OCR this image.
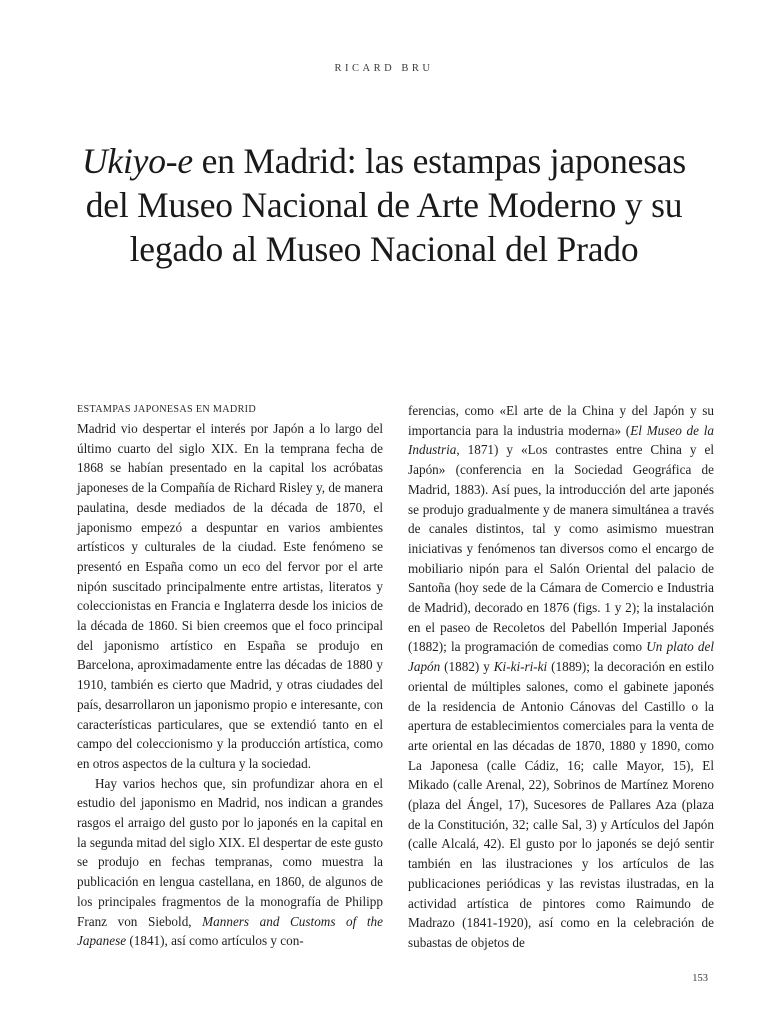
RICARD BRU
Ukiyo-e en Madrid: las estampas japonesas del Museo Nacional de Arte Moderno y su legado al Museo Nacional del Prado
ESTAMPAS JAPONESAS EN MADRID

Madrid vio despertar el interés por Japón a lo largo del último cuarto del siglo XIX. En la temprana fecha de 1868 se habían presentado en la capital los acróbatas japoneses de la Compañía de Richard Risley y, de manera paulatina, desde mediados de la década de 1870, el japonismo empezó a despuntar en varios ambientes artísticos y culturales de la ciudad. Este fenómeno se presentó en España como un eco del fervor por el arte nipón suscitado principalmente entre artistas, literatos y coleccionistas en Francia e Inglaterra desde los inicios de la década de 1860. Si bien creemos que el foco principal del japonismo artístico en España se produjo en Barcelona, aproximadamente entre las décadas de 1880 y 1910, también es cierto que Madrid, y otras ciudades del país, desarrollaron un japonismo propio e interesante, con características particulares, que se extendió tanto en el campo del coleccionismo y la producción artística, como en otros aspectos de la cultura y la sociedad.

Hay varios hechos que, sin profundizar ahora en el estudio del japonismo en Madrid, nos indican a grandes rasgos el arraigo del gusto por lo japonés en la capital en la segunda mitad del siglo XIX. El despertar de este gusto se produjo en fechas tempranas, como muestra la publicación en lengua castellana, en 1860, de algunos de los principales fragmentos de la monografía de Philipp Franz von Siebold, Manners and Customs of the Japanese (1841), así como artículos y con-

ferencias, como «El arte de la China y del Japón y su importancia para la industria moderna» (El Museo de la Industria, 1871) y «Los contrastes entre China y el Japón» (conferencia en la Sociedad Geográfica de Madrid, 1883). Así pues, la introducción del arte japonés se produjo gradualmente y de manera simultánea a través de canales distintos, tal y como asimismo muestran iniciativas y fenómenos tan diversos como el encargo de mobiliario nipón para el Salón Oriental del palacio de Santoña (hoy sede de la Cámara de Comercio e Industria de Madrid), decorado en 1876 (figs. 1 y 2); la instalación en el paseo de Recoletos del Pabellón Imperial Japonés (1882); la programación de comedias como Un plato del Japón (1882) y Ki-ki-ri-ki (1889); la decoración en estilo oriental de múltiples salones, como el gabinete japonés de la residencia de Antonio Cánovas del Castillo o la apertura de establecimientos comerciales para la venta de arte oriental en las décadas de 1870, 1880 y 1890, como La Japonesa (calle Cádiz, 16; calle Mayor, 15), El Mikado (calle Arenal, 22), Sobrinos de Martínez Moreno (plaza del Ángel, 17), Sucesores de Pallares Aza (plaza de la Constitución, 32; calle Sal, 3) y Artículos del Japón (calle Alcalá, 42). El gusto por lo japonés se dejó sentir también en las ilustraciones y los artículos de las publicaciones periódicas y las revistas ilustradas, en la actividad artística de pintores como Raimundo de Madrazo (1841-1920), así como en la celebración de subastas de objetos de

153
